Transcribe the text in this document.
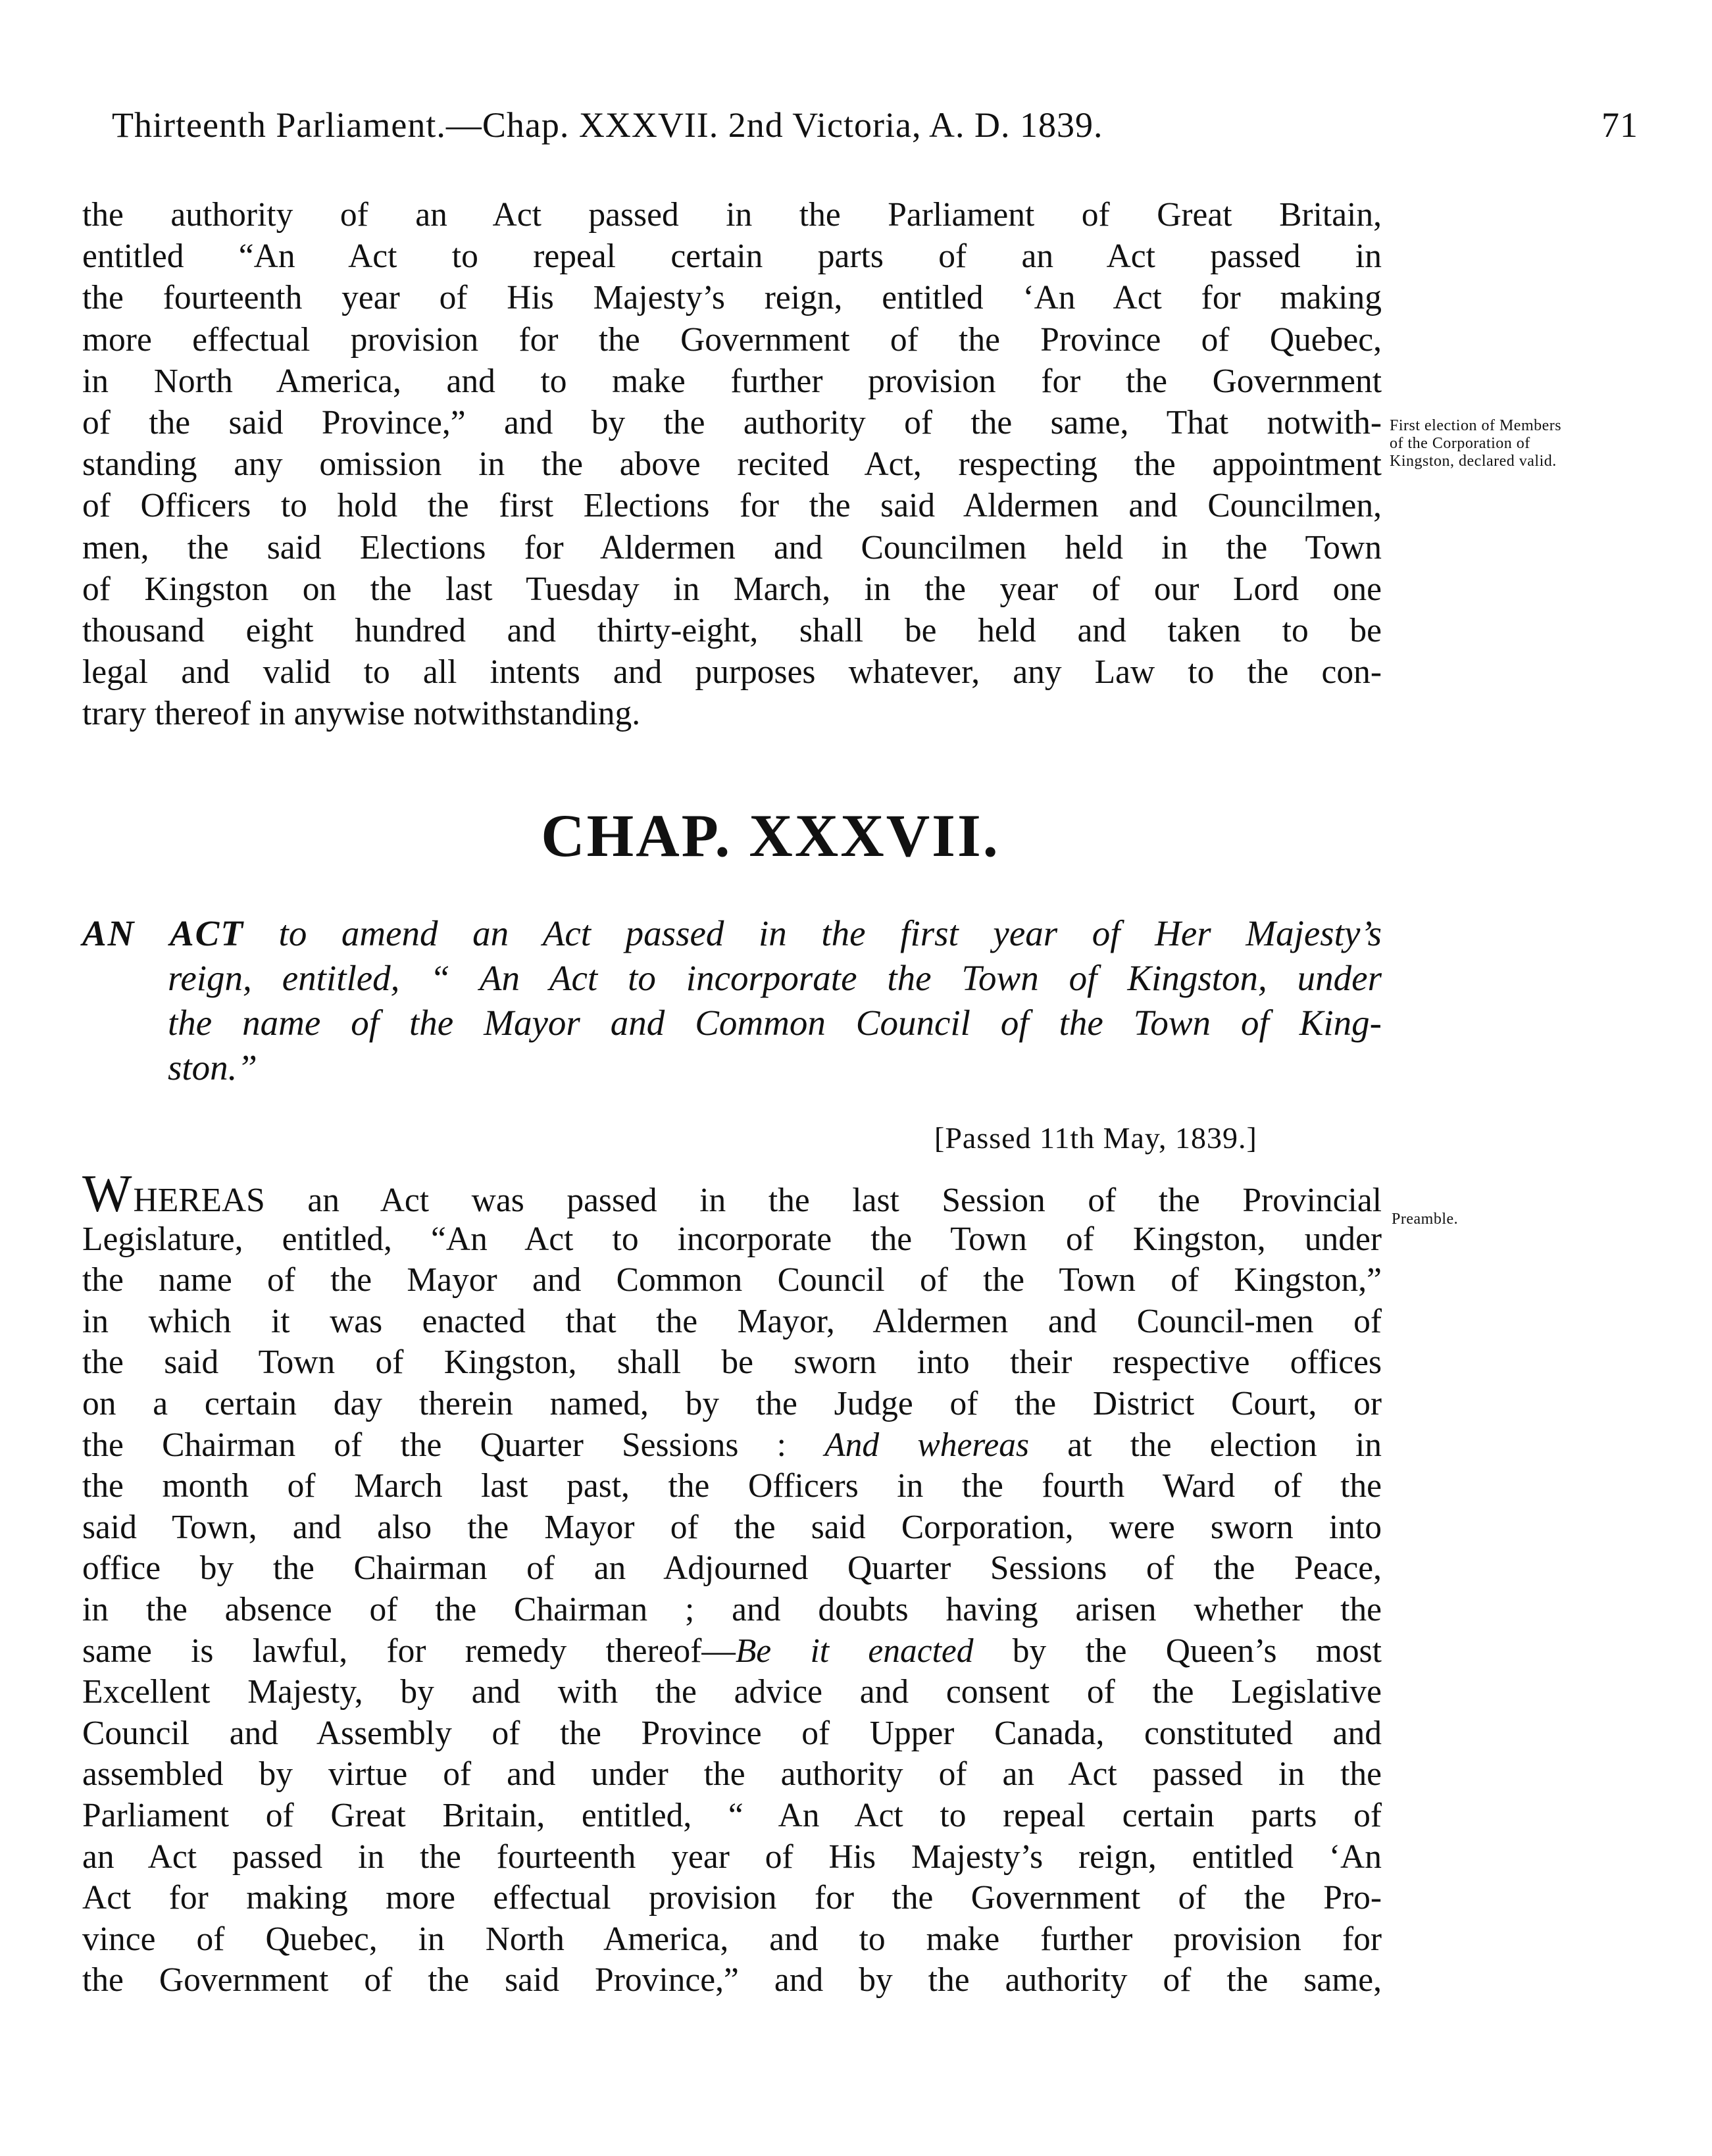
Thirteenth Parliament.—Chap. XXXVII. 2nd Victoria, A. D. 1839.	71
the authority of an Act passed in the Parliament of Great Britain,
entitled “An Act to repeal certain parts of an Act passed in
the fourteenth year of His Majesty’s reign, entitled ‘An Act for making
more effectual provision for the Government of the Province of Quebec,
in North America, and to make further provision for the Government
of the said Province,” and by the authority of the same, That notwith-
standing any omission in the above recited Act, respecting the appointment
of Officers to hold the first Elections for the said Aldermen and Councilmen,
men, the said Elections for Aldermen and Councilmen held in the Town
of Kingston on the last Tuesday in March, in the year of our Lord one
thousand eight hundred and thirty-eight, shall be held and taken to be
legal and valid to all intents and purposes whatever, any Law to the con-
trary thereof in anywise notwithstanding.
First election of Members
of the Corporation of
Kingston, declared valid.
CHAP. XXXVII.
AN ACT to amend an Act passed in the first year of Her Majesty’s
reign, entitled, “ An Act to incorporate the Town of Kingston, under
the name of the Mayor and Common Council of the Town of King-
ston.”
[Passed 11th May, 1839.]
WHEREAS an Act was passed in the last Session of the Provincial
Legislature, entitled, “An Act to incorporate the Town of Kingston, under
the name of the Mayor and Common Council of the Town of Kingston,”
in which it was enacted that the Mayor, Aldermen and Council-men of
the said Town of Kingston, shall be sworn into their respective offices
on a certain day therein named, by the Judge of the District Court, or
the Chairman of the Quarter Sessions : And whereas at the election in
the month of March last past, the Officers in the fourth Ward of the
said Town, and also the Mayor of the said Corporation, were sworn into
office by the Chairman of an Adjourned Quarter Sessions of the Peace,
in the absence of the Chairman ; and doubts having arisen whether the
same is lawful, for remedy thereof—Be it enacted by the Queen’s most
Excellent Majesty, by and with the advice and consent of the Legislative
Council and Assembly of the Province of Upper Canada, constituted and
assembled by virtue of and under the authority of an Act passed in the
Parliament of Great Britain, entitled, “ An Act to repeal certain parts of
an Act passed in the fourteenth year of His Majesty’s reign, entitled ‘An
Act for making more effectual provision for the Government of the Pro-
vince of Quebec, in North America, and to make further provision for
the Government of the said Province,” and by the authority of the same,
Preamble.
